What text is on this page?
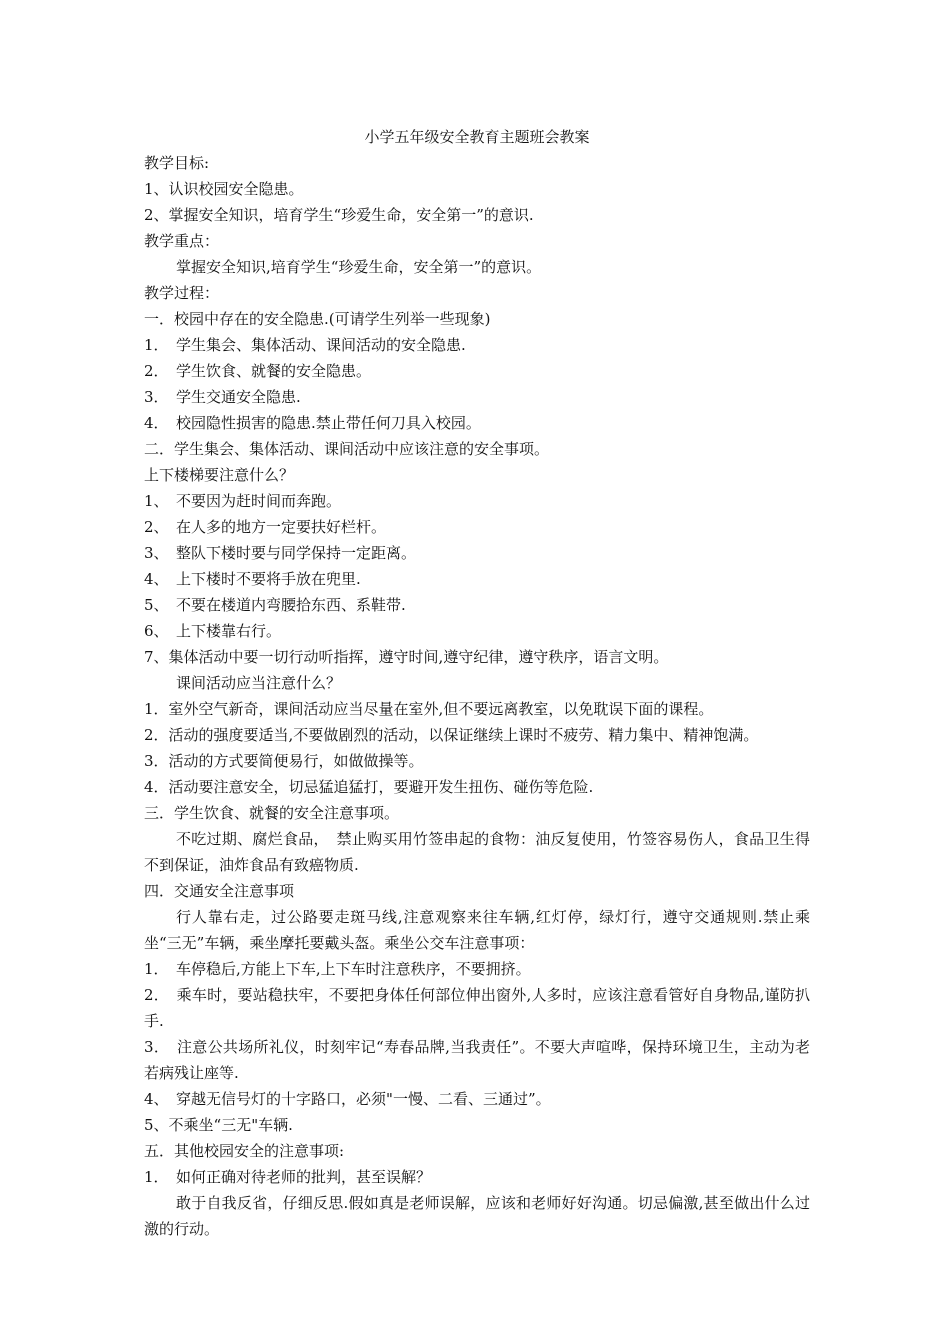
小学五年级安全教育主题班会教案

教学目标:

1、认识校园安全隐患。

2、掌握安全知识，培育学生“珍爱生命，安全第一”的意识.

教学重点：

掌握安全知识,培育学生“珍爱生命，安全第一”的意识。

教学过程：

一．校园中存在的安全隐患.(可请学生列举一些现象)

1．　学生集会、集体活动、课间活动的安全隐患.

2．　学生饮食、就餐的安全隐患。

3．　学生交通安全隐患.

4．　校园隐性损害的隐患.禁止带任何刀具入校园。

二．学生集会、集体活动、课间活动中应该注意的安全事项。

上下楼梯要注意什么？

1、　不要因为赶时间而奔跑。

2、　在人多的地方一定要扶好栏杆。

3、　整队下楼时要与同学保持一定距离。

4、　上下楼时不要将手放在兜里.

5、　不要在楼道内弯腰拾东西、系鞋带.

6、　上下楼靠右行。

7、集体活动中要一切行动听指挥，遵守时间,遵守纪律，遵守秩序，语言文明。

课间活动应当注意什么？

1．室外空气新奇，课间活动应当尽量在室外,但不要远离教室，以免耽误下面的课程。

2．活动的强度要适当,不要做剧烈的活动，以保证继续上课时不疲劳、精力集中、精神饱满。

3．活动的方式要简便易行，如做做操等。

4．活动要注意安全，切忌猛追猛打，要避开发生扭伤、碰伤等危险.

三．学生饮食、就餐的安全注意事项。

不吃过期、腐烂食品，　禁止购买用竹签串起的食物：油反复使用，竹签容易伤人，食品卫生得不到保证，油炸食品有致癌物质.

四．交通安全注意事项

行人靠右走，过公路要走斑马线,注意观察来往车辆,红灯停，绿灯行，遵守交通规则.禁止乘坐“三无”车辆，乘坐摩托要戴头盔。乘坐公交车注意事项：

1．　车停稳后,方能上下车,上下车时注意秩序，不要拥挤。

2．　乘车时，要站稳扶牢，不要把身体任何部位伸出窗外,人多时，应该注意看管好自身物品,谨防扒手.

3．　注意公共场所礼仪，时刻牢记“寿春品牌,当我责任”。不要大声喧哗，保持环境卫生，主动为老若病残让座等.

4、　穿越无信号灯的十字路口，必须"一慢、二看、三通过”。

5、不乘坐“三无"车辆.

五．其他校园安全的注意事项:

1．　如何正确对待老师的批判，甚至误解？

敢于自我反省，仔细反思.假如真是老师误解，应该和老师好好沟通。切忌偏激,甚至做出什么过激的行动。
